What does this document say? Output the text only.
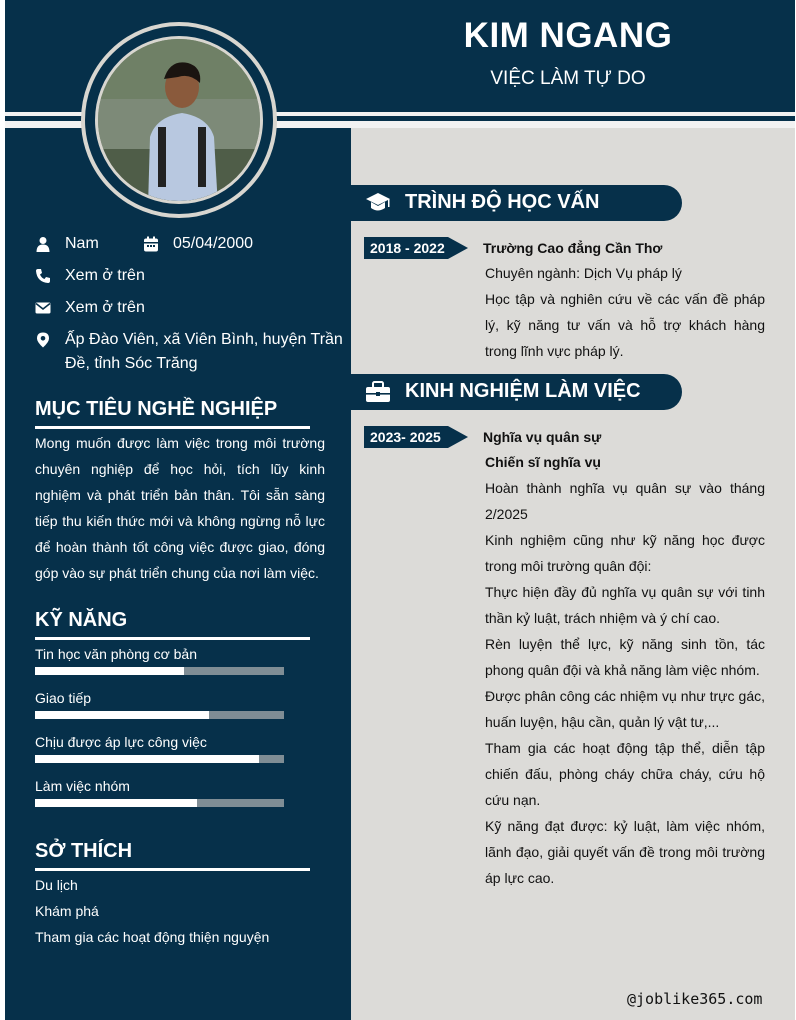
KIM NGANG
VIỆC LÀM TỰ DO
Nam	05/04/2000
Xem ở trên
Xem ở trên
Ấp Đào Viên, xã Viên Bình, huyện Trần Đề, tỉnh Sóc Trăng
MỤC TIÊU NGHỀ NGHIỆP
Mong muốn được làm việc trong môi trường chuyên nghiệp để học hỏi, tích lũy kinh nghiệm và phát triển bản thân. Tôi sẵn sàng tiếp thu kiến thức mới và không ngừng nỗ lực để hoàn thành tốt công việc được giao, đóng góp vào sự phát triển chung của nơi làm việc.
KỸ NĂNG
Tin học văn phòng cơ bản
Giao tiếp
Chịu được áp lực công việc
Làm việc nhóm
SỞ THÍCH
Du lịch
Khám phá
Tham gia các hoạt động thiện nguyện
TRÌNH ĐỘ HỌC VẤN
2018 - 2022	Trường Cao đẳng Cần Thơ
Chuyên ngành: Dịch Vụ pháp lý
Học tập và nghiên cứu về các vấn đề pháp lý, kỹ năng tư vấn và hỗ trợ khách hàng trong lĩnh vực pháp lý.
KINH NGHIỆM LÀM VIỆC
2023- 2025	Nghĩa vụ quân sự
Chiến sĩ nghĩa vụ
Hoàn thành nghĩa vụ quân sự vào tháng 2/2025
Kinh nghiệm cũng như kỹ năng học được trong môi trường quân đội:
Thực hiện đầy đủ nghĩa vụ quân sự với tinh thần kỷ luật, trách nhiệm và ý chí cao.
Rèn luyện thể lực, kỹ năng sinh tồn, tác phong quân đội và khả năng làm việc nhóm.
Được phân công các nhiệm vụ như trực gác, huấn luyện, hậu cần, quản lý vật tư,...
Tham gia các hoạt động tập thể, diễn tập chiến đấu, phòng cháy chữa cháy, cứu hộ cứu nạn.
Kỹ năng đạt được: kỷ luật, làm việc nhóm, lãnh đạo, giải quyết vấn đề trong môi trường áp lực cao.
@joblike365.com
